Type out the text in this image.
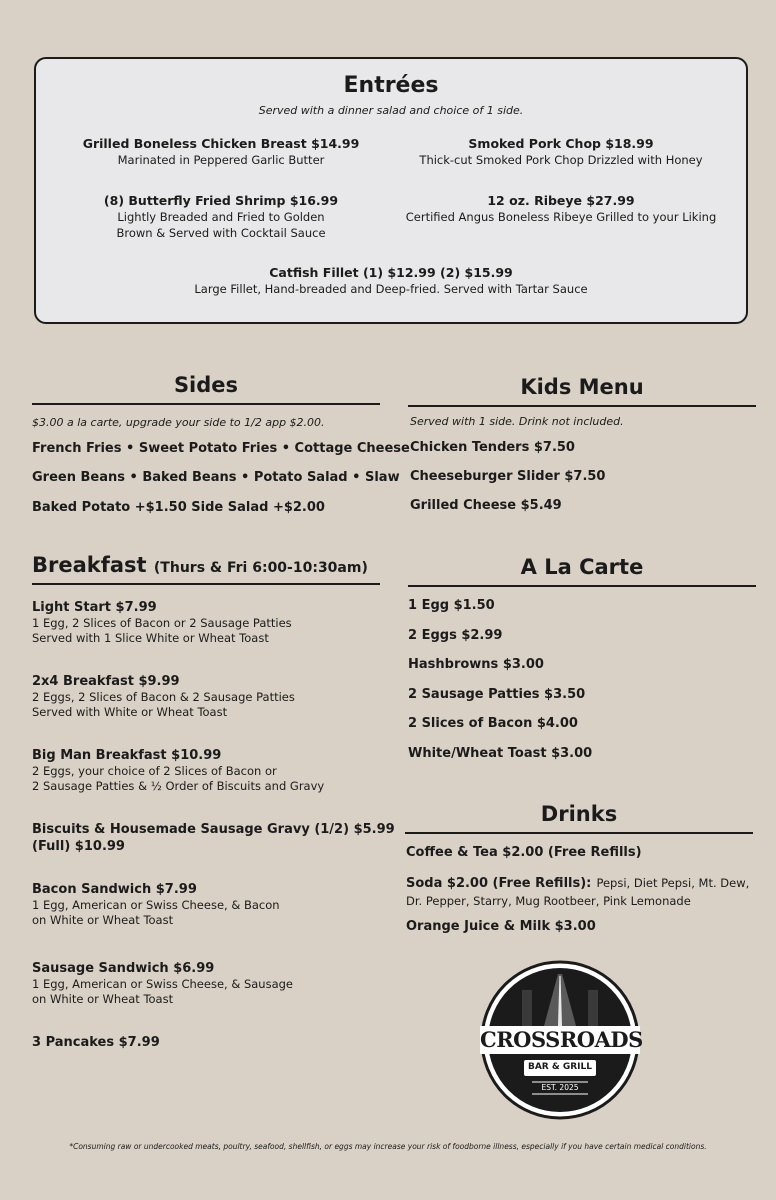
Entrées
Served with a dinner salad and choice of 1 side.
Grilled Boneless Chicken Breast $14.99
Marinated in Peppered Garlic Butter
Smoked Pork Chop $18.99
Thick-cut Smoked Pork Chop Drizzled with Honey
(8) Butterfly Fried Shrimp $16.99
Lightly Breaded and Fried to Golden
Brown & Served with Cocktail Sauce
12 oz. Ribeye $27.99
Certified Angus Boneless Ribeye Grilled to your Liking
Catfish Fillet (1) $12.99 (2) $15.99
Large Fillet, Hand-breaded and Deep-fried. Served with Tartar Sauce
Sides
$3.00 a la carte, upgrade your side to 1/2 app $2.00.
French Fries • Sweet Potato Fries • Cottage Cheese
Green Beans • Baked Beans • Potato Salad • Slaw
Baked Potato +$1.50 Side Salad +$2.00
Kids Menu
Served with 1 side. Drink not included.
Chicken Tenders $7.50
Cheeseburger Slider $7.50
Grilled Cheese $5.49
Breakfast (Thurs & Fri 6:00-10:30am)
Light Start $7.99
1 Egg, 2 Slices of Bacon or 2 Sausage Patties
Served with 1 Slice White or Wheat Toast
2x4 Breakfast $9.99
2 Eggs, 2 Slices of Bacon & 2 Sausage Patties
Served with White or Wheat Toast
Big Man Breakfast $10.99
2 Eggs, your choice of 2 Slices of Bacon or
2 Sausage Patties & ½ Order of Biscuits and Gravy
Biscuits & Housemade Sausage Gravy (1/2) $5.99
(Full) $10.99
Bacon Sandwich $7.99
1 Egg, American or Swiss Cheese, & Bacon
on White or Wheat Toast
Sausage Sandwich $6.99
1 Egg, American or Swiss Cheese, & Sausage
on White or Wheat Toast
3 Pancakes $7.99
A La Carte
1 Egg $1.50
2 Eggs $2.99
Hashbrowns $3.00
2 Sausage Patties $3.50
2 Slices of Bacon $4.00
White/Wheat Toast $3.00
Drinks
Coffee & Tea $2.00 (Free Refills)
Soda $2.00 (Free Refills): Pepsi, Diet Pepsi, Mt. Dew,
Dr. Pepper, Starry, Mug Rootbeer, Pink Lemonade
Orange Juice & Milk $3.00
CROSSROADS
BAR & GRILL
EST. 2025
*Consuming raw or undercooked meats, poultry, seafood, shellfish, or eggs may increase your risk of foodborne illness, especially if you have certain medical conditions.
